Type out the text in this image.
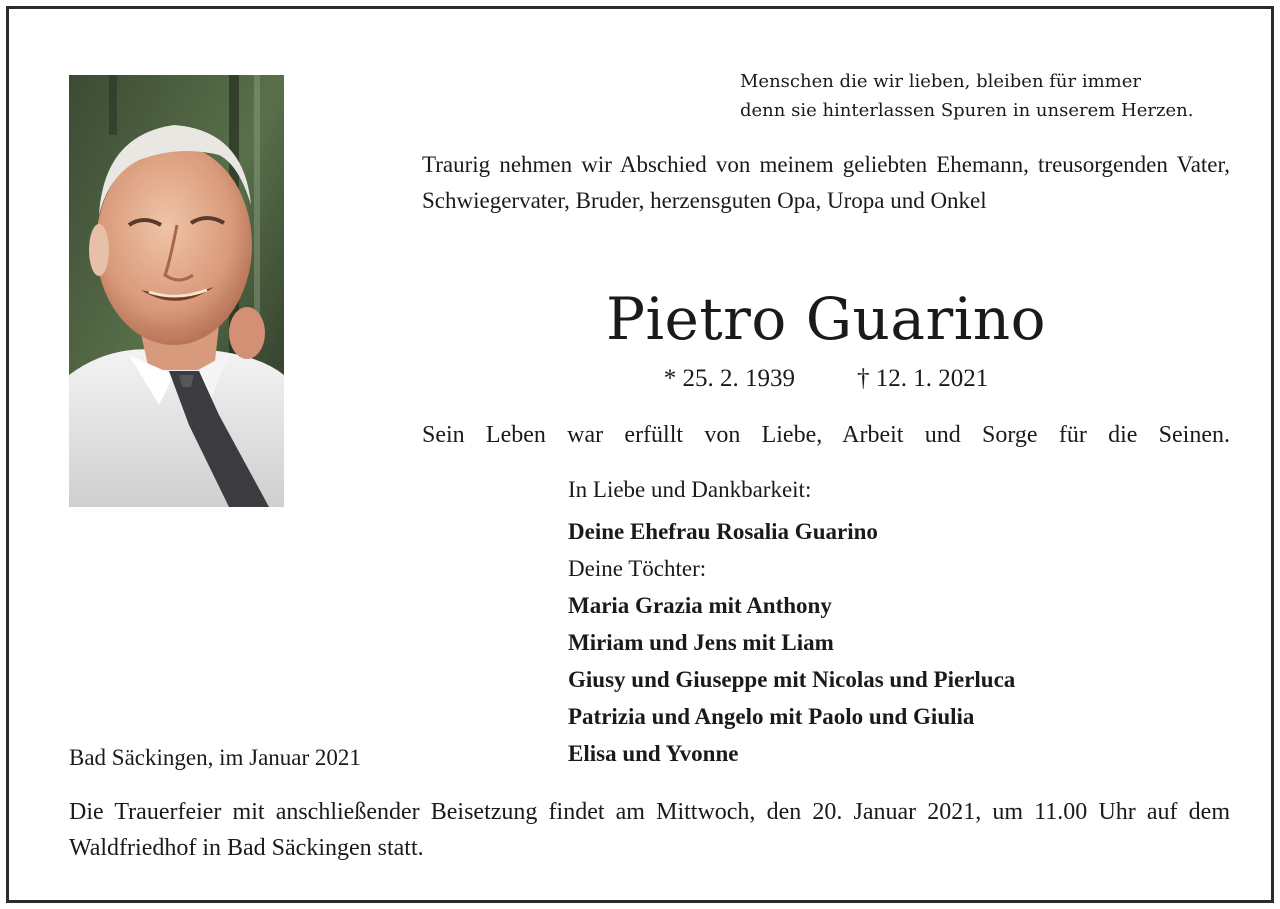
Menschen die wir lieben, bleiben für immer
denn sie hinterlassen Spuren in unserem Herzen.
Traurig nehmen wir Abschied von meinem geliebten Ehemann, treusorgenden Vater, Schwiegervater, Bruder, herzensguten Opa, Uropa und Onkel
Pietro Guarino
* 25. 2. 1939 † 12. 1. 2021
Sein Leben war erfüllt von Liebe, Arbeit und Sorge für die Seinen.
In Liebe und Dankbarkeit:
Deine Ehefrau Rosalia Guarino
Deine Töchter:
Maria Grazia mit Anthony
Miriam und Jens mit Liam
Giusy und Giuseppe mit Nicolas und Pierluca
Patrizia und Angelo mit Paolo und Giulia
Elisa und Yvonne
Bad Säckingen, im Januar 2021
Die Trauerfeier mit anschließender Beisetzung findet am Mittwoch, den 20. Januar 2021, um 11.00 Uhr auf dem Waldfriedhof in Bad Säckingen statt.
